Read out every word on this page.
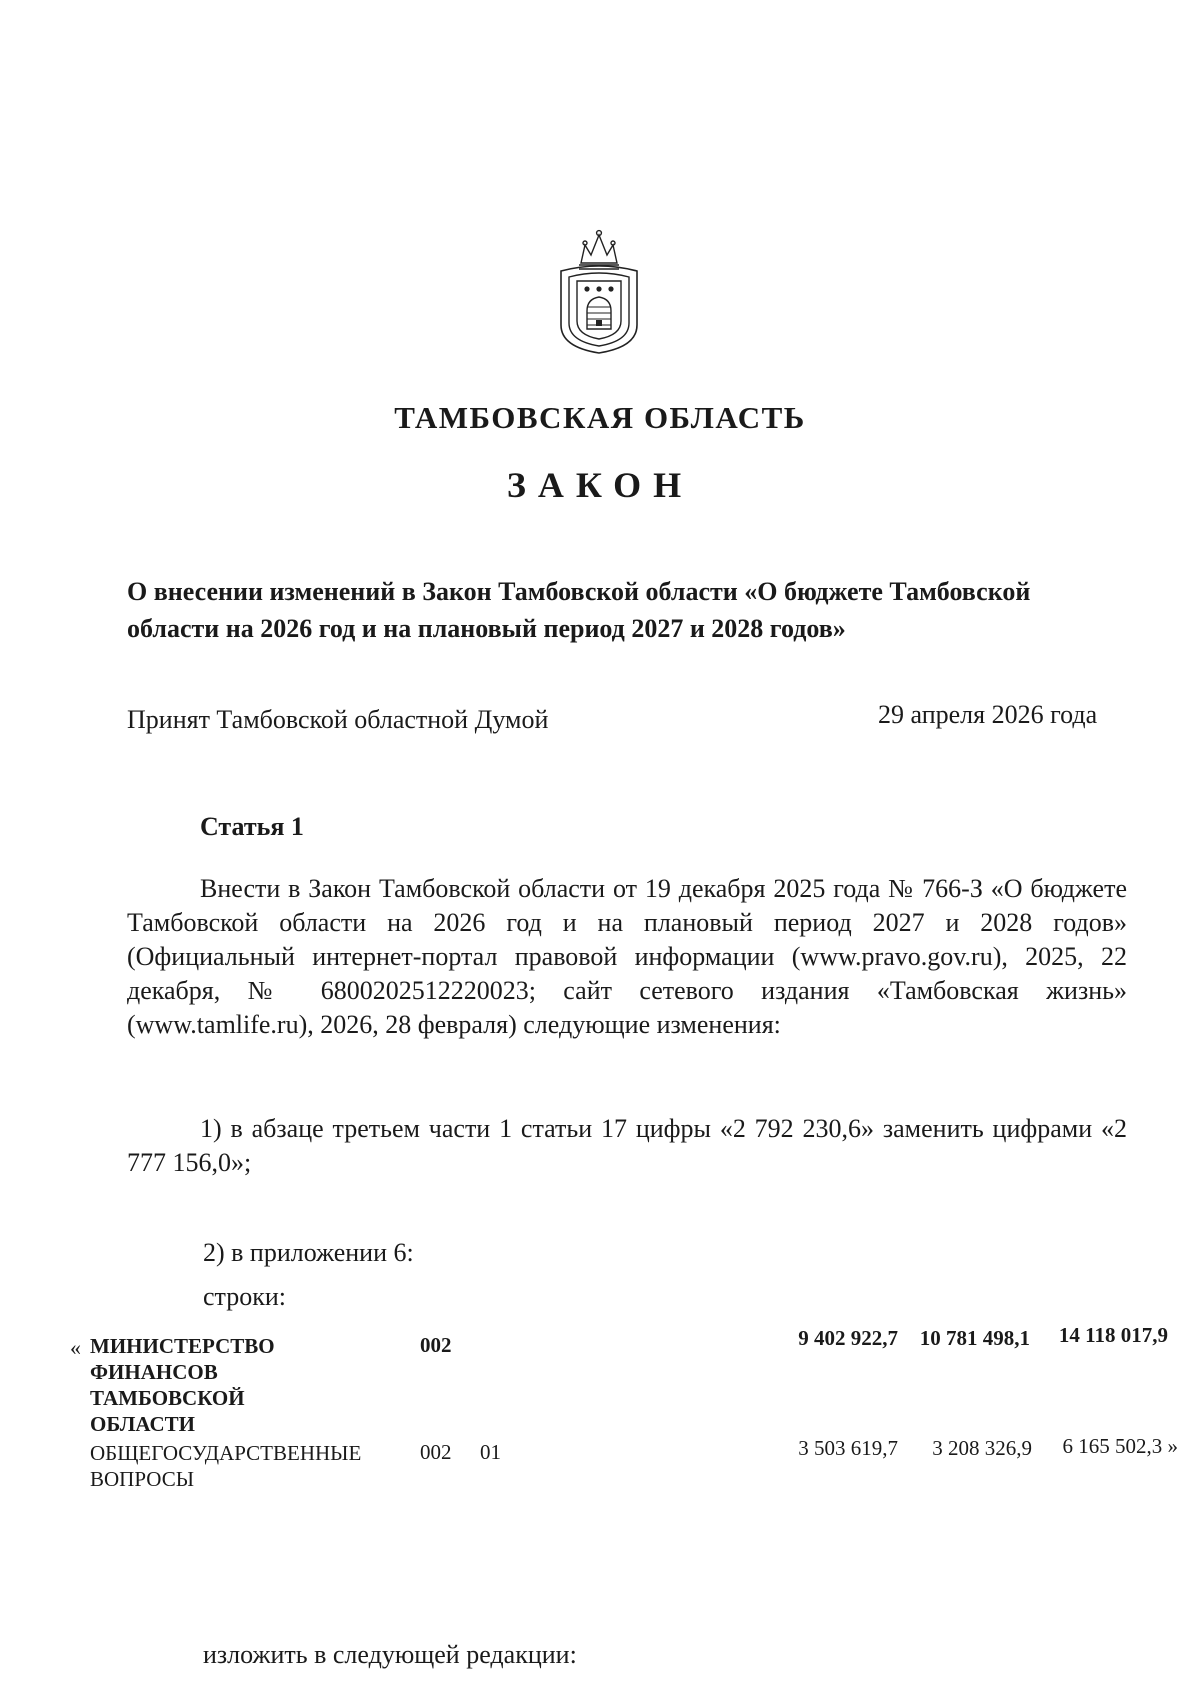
ТАМБОВСКАЯ ОБЛАСТЬ
ЗАКОН
О внесении изменений в Закон Тамбовской области «О бюджете Тамбовской области на 2026 год и на плановый период 2027 и 2028 годов»
Принят Тамбовской областной Думой	29 апреля 2026 года
Статья 1
Внести в Закон Тамбовской области от 19 декабря 2025 года № 766-З «О бюджете Тамбовской области на 2026 год и на плановый период 2027 и 2028 годов» (Официальный интернет-портал правовой информации (www.pravo.gov.ru), 2025, 22 декабря, № 6800202512220023; сайт сетевого издания «Тамбовская жизнь» (www.tamlife.ru), 2026, 28 февраля) следующие изменения:
1) в абзаце третьем части 1 статьи 17 цифры «2 792 230,6» заменить цифрами «2 777 156,0»;
2) в приложении 6:
строки:
« МИНИСТЕРСТВО
ФИНАНСОВ
ТАМБОВСКОЙ
ОБЛАСТИ
002	9 402 922,7	10 781 498,1	14 118 017,9
ОБЩЕГОСУДАРСТВЕННЫЕ
ВОПРОСЫ
002 01	3 503 619,7	3 208 326,9	6 165 502,3 »
изложить в следующей редакции:
